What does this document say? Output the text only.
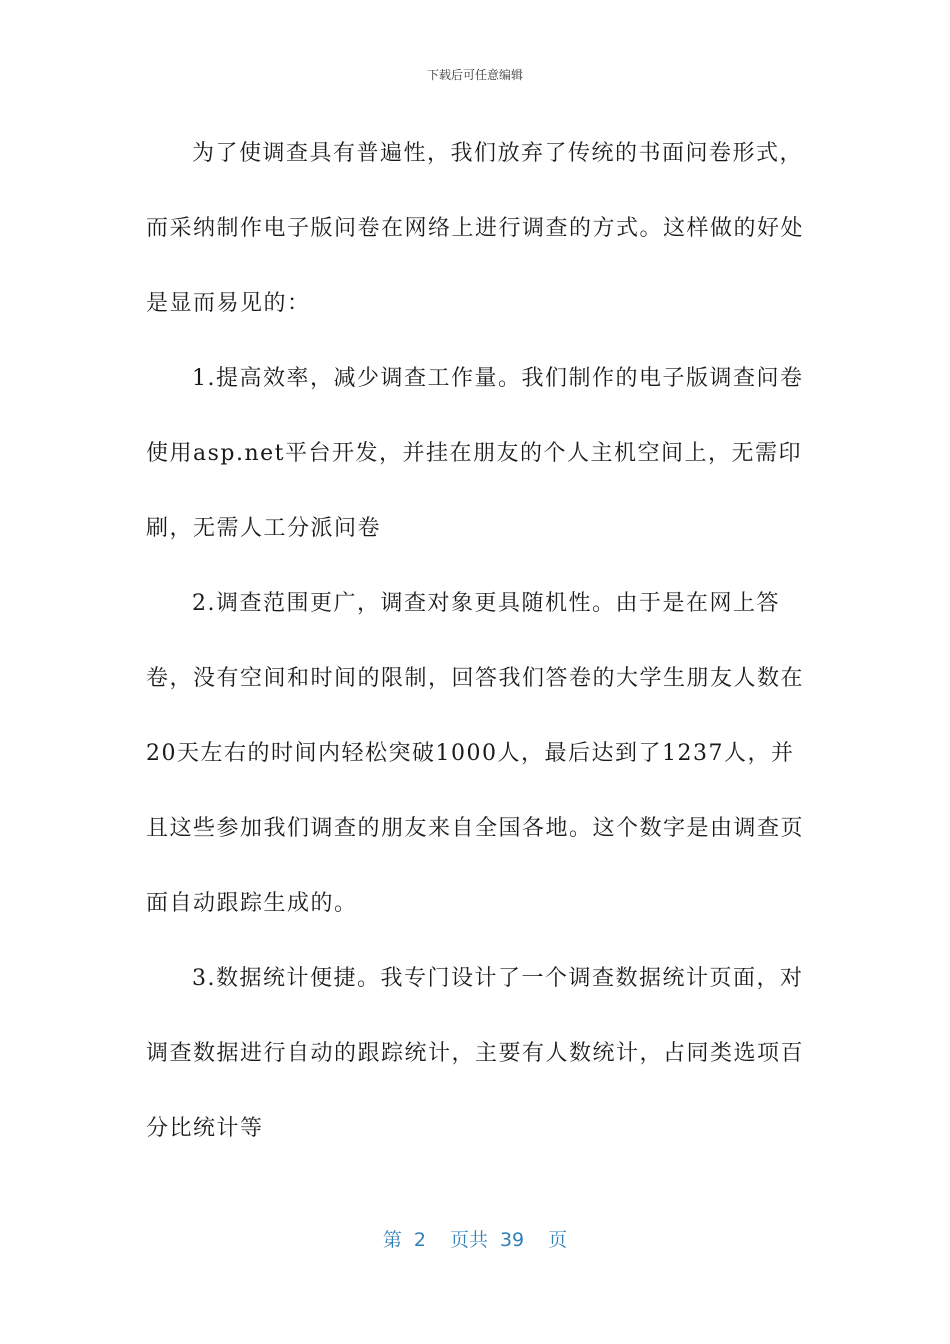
下载后可任意编辑

为了使调查具有普遍性，我们放弃了传统的书面问卷形式，而采纳制作电子版问卷在网络上进行调查的方式。这样做的好处是显而易见的：

1.提高效率，减少调查工作量。我们制作的电子版调查问卷使用asp.net平台开发，并挂在朋友的个人主机空间上，无需印刷，无需人工分派问卷

2.调查范围更广，调查对象更具随机性。由于是在网上答卷，没有空间和时间的限制，回答我们答卷的大学生朋友人数在20天左右的时间内轻松突破1000人，最后达到了1237人，并且这些参加我们调查的朋友来自全国各地。这个数字是由调查页面自动跟踪生成的。

3.数据统计便捷。我专门设计了一个调查数据统计页面，对调查数据进行自动的跟踪统计，主要有人数统计，占同类选项百分比统计等

第 2 页共 39 页
